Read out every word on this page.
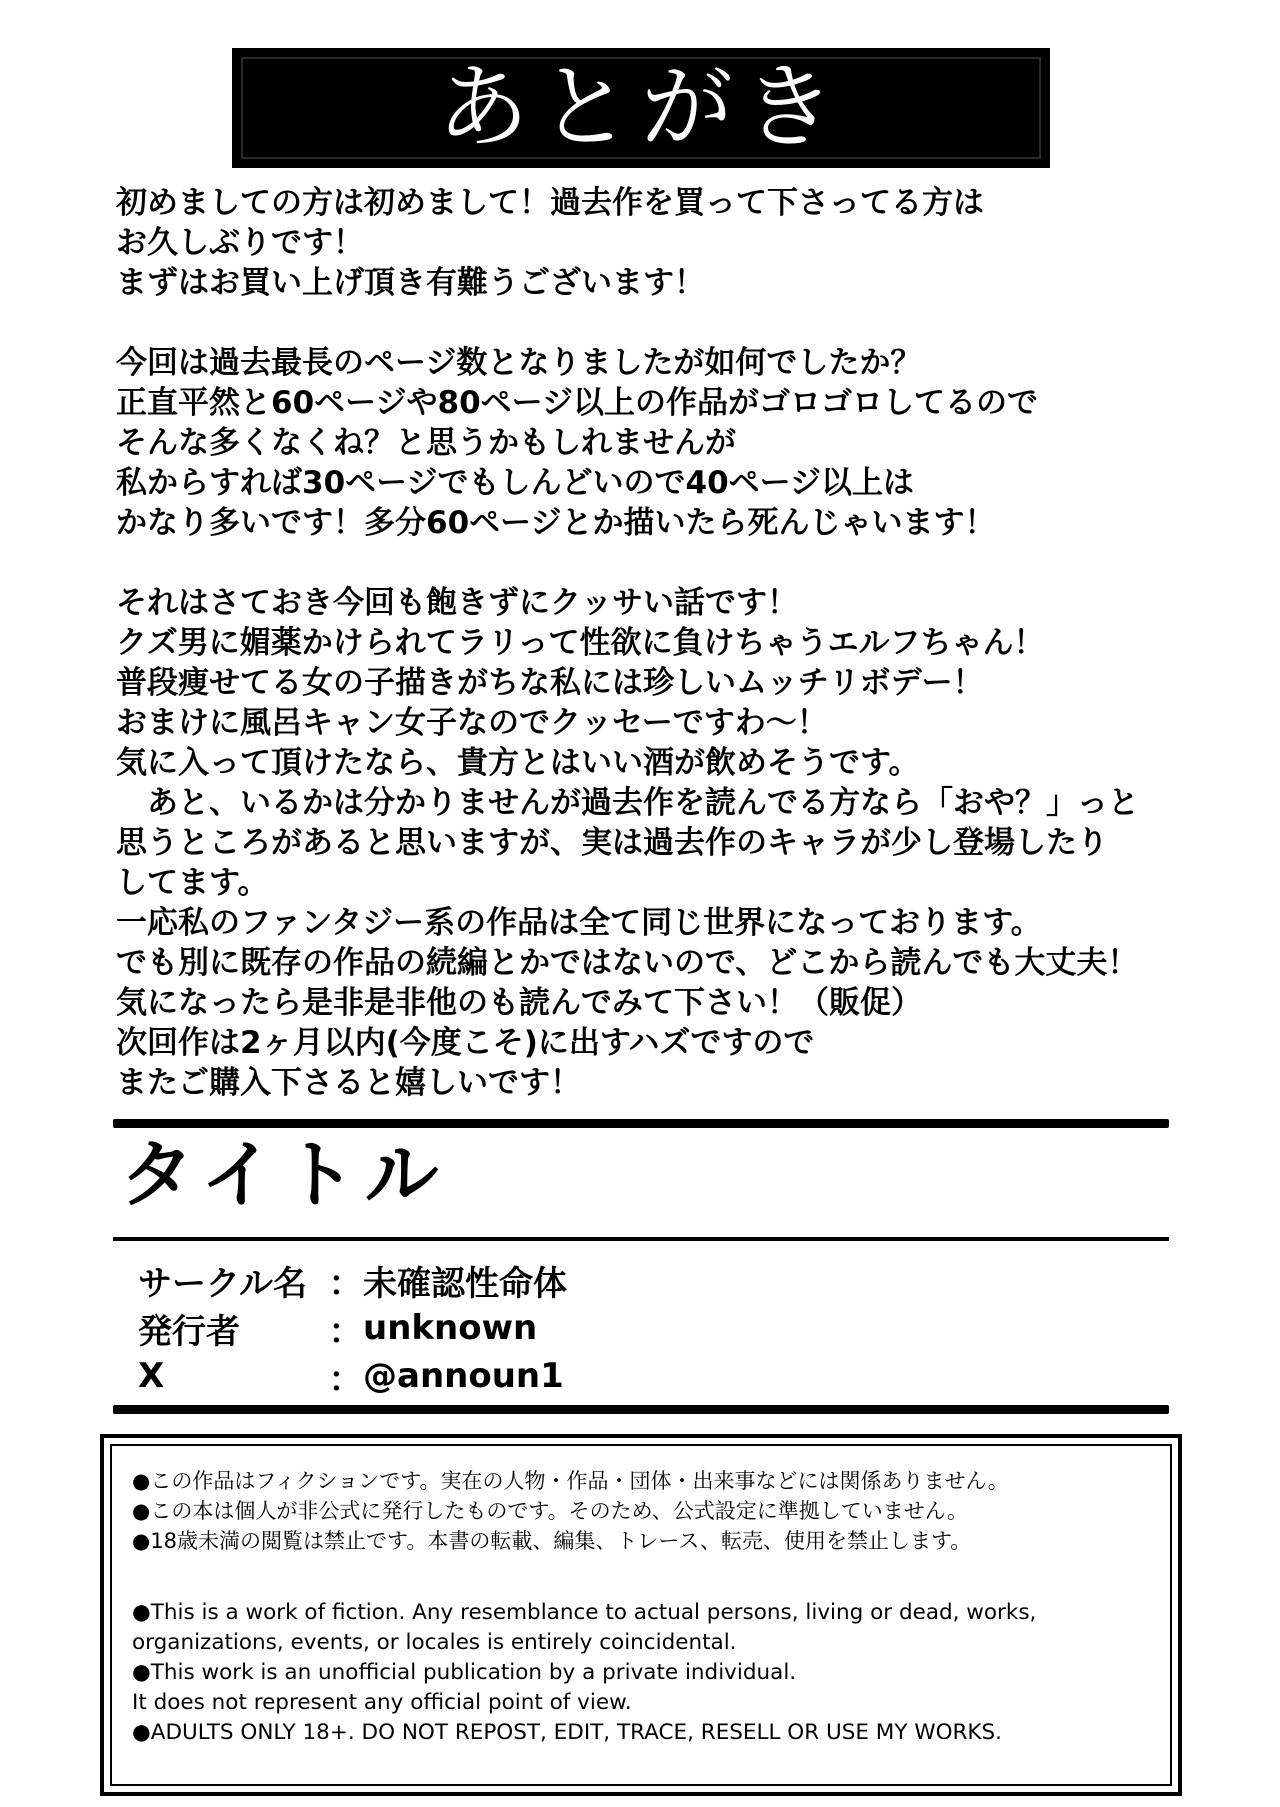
あとがき
初めましての方は初めまして！過去作を買って下さってる方は
お久しぶりです！
まずはお買い上げ頂き有難うございます！
今回は過去最長のページ数となりましたが如何でしたか？
正直平然と60ページや80ページ以上の作品がゴロゴロしてるので
そんな多くなくね？と思うかもしれませんが
私からすれば30ページでもしんどいので40ページ以上は
かなり多いです！多分60ページとか描いたら死んじゃいます！
それはさておき今回も飽きずにクッサい話です！
クズ男に媚薬かけられてラリって性欲に負けちゃうエルフちゃん！
普段痩せてる女の子描きがちな私には珍しいムッチリボデー！
おまけに風呂キャン女子なのでクッセーですわ～！
気に入って頂けたなら、貴方とはいい酒が飲めそうです。
　あと、いるかは分かりませんが過去作を読んでる方なら「おや？」っと
思うところがあると思いますが、実は過去作のキャラが少し登場したり
してます。
一応私のファンタジー系の作品は全て同じ世界になっております。
でも別に既存の作品の続編とかではないので、どこから読んでも大丈夫！
気になったら是非是非他のも読んでみて下さい！（販促）
次回作は2ヶ月以内(今度こそ)に出すハズですので
またご購入下さると嬉しいです！
タイトル
サークル名 ： 未確認性命体
発行者	： unknown
X	： @announ1
●この作品はフィクションです。実在の人物・作品・団体・出来事などには関係ありません。
●この本は個人が非公式に発行したものです。そのため、公式設定に準拠していません。
●18歳未満の閲覧は禁止です。本書の転載、編集、トレース、転売、使用を禁止します。
●This is a work of fiction. Any resemblance to actual persons, living or dead, works,
organizations, events, or locales is entirely coincidental.
●This work is an unofficial publication by a private individual.
It does not represent any official point of view.
●ADULTS ONLY 18+. DO NOT REPOST, EDIT, TRACE, RESELL OR USE MY WORKS.
